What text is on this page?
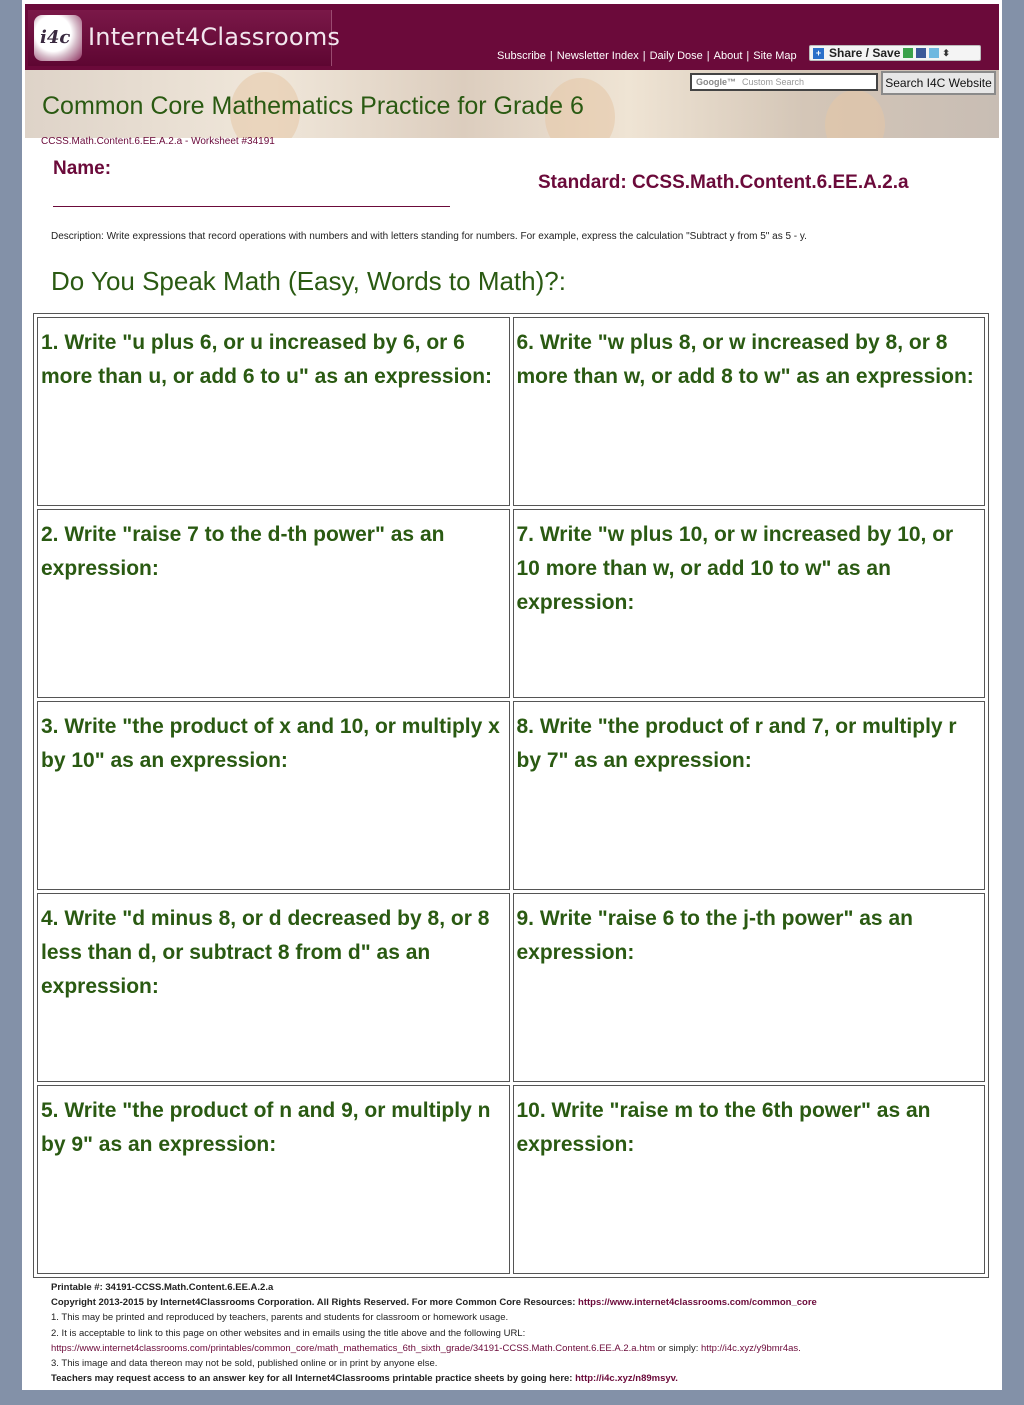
i4c Internet4Classrooms
Subscribe | Newsletter Index | Daily Dose | About | Site Map	+ Share / Save	⬍
Google™ Custom Search	Search I4C Website
Common Core Mathematics Practice for Grade 6
CCSS.Math.Content.6.EE.A.2.a - Worksheet #34191
Name:
Standard: CCSS.Math.Content.6.EE.A.2.a
Description: Write expressions that record operations with numbers and with letters standing for numbers. For example, express the calculation "Subtract y from 5" as 5 - y.
Do You Speak Math (Easy, Words to Math)?:
1. Write "u plus 6, or u increased by 6, or 6 more than u, or add 6 to u" as an expression:
6. Write "w plus 8, or w increased by 8, or 8 more than w, or add 8 to w" as an expression:
2. Write "raise 7 to the d-th power" as an expression:
7. Write "w plus 10, or w increased by 10, or 10 more than w, or add 10 to w" as an expression:
3. Write "the product of x and 10, or multiply x by 10" as an expression:
8. Write "the product of r and 7, or multiply r by 7" as an expression:
4. Write "d minus 8, or d decreased by 8, or 8 less than d, or subtract 8 from d" as an expression:
9. Write "raise 6 to the j-th power" as an expression:
5. Write "the product of n and 9, or multiply n by 9" as an expression:
10. Write "raise m to the 6th power" as an expression:
Printable #: 34191-CCSS.Math.Content.6.EE.A.2.a
Copyright 2013-2015 by Internet4Classrooms Corporation. All Rights Reserved. For more Common Core Resources: https://www.internet4classrooms.com/common_core
1. This may be printed and reproduced by teachers, parents and students for classroom or homework usage.
2. It is acceptable to link to this page on other websites and in emails using the title above and the following URL:
https://www.internet4classrooms.com/printables/common_core/math_mathematics_6th_sixth_grade/34191-CCSS.Math.Content.6.EE.A.2.a.htm or simply: http://i4c.xyz/y9bmr4as.
3. This image and data thereon may not be sold, published online or in print by anyone else.
Teachers may request access to an answer key for all Internet4Classrooms printable practice sheets by going here: http://i4c.xyz/n89msyv.
